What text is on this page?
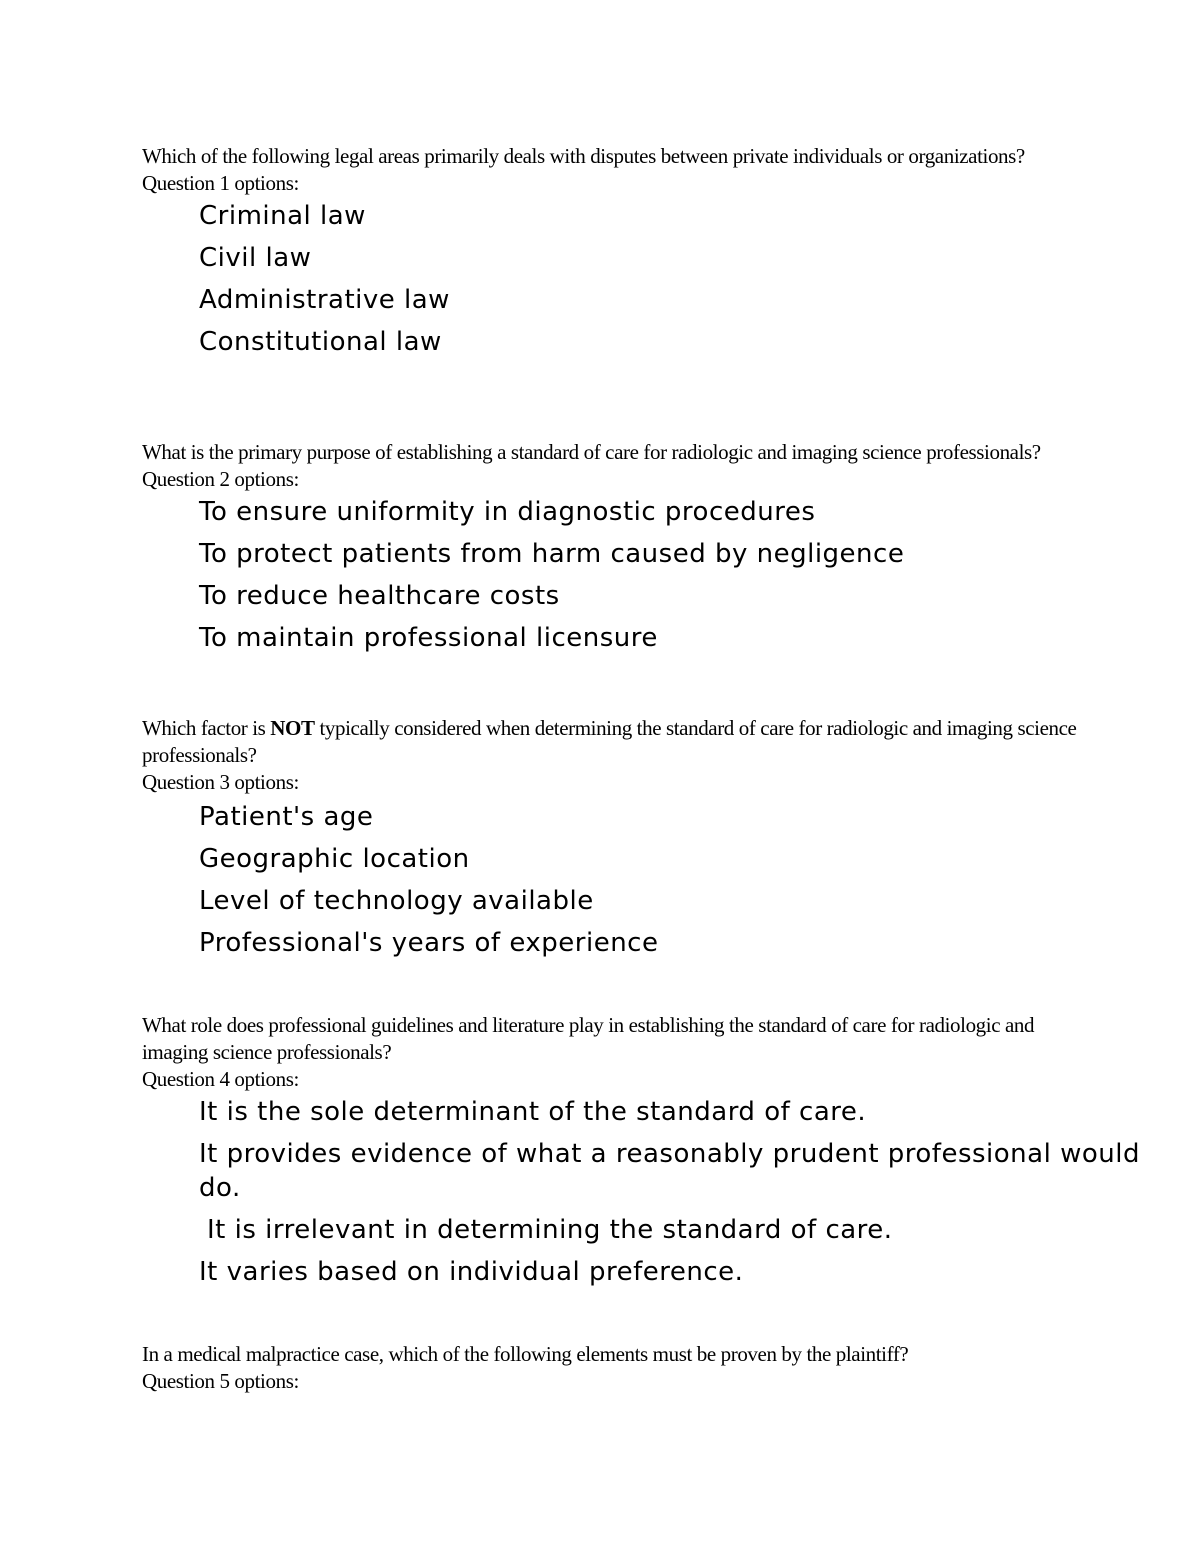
Which of the following legal areas primarily deals with disputes between private individuals or organizations?

Question 1 options:

Criminal law
Civil law
Administrative law
Constitutional law

What is the primary purpose of establishing a standard of care for radiologic and imaging science professionals?

Question 2 options:

To ensure uniformity in diagnostic procedures
To protect patients from harm caused by negligence
To reduce healthcare costs
To maintain professional licensure

Which factor is NOT typically considered when determining the standard of care for radiologic and imaging science professionals?

Question 3 options:

Patient's age
Geographic location
Level of technology available
Professional's years of experience

What role does professional guidelines and literature play in establishing the standard of care for radiologic and imaging science professionals?

Question 4 options:

It is the sole determinant of the standard of care.
It provides evidence of what a reasonably prudent professional would do.
It is irrelevant in determining the standard of care.
It varies based on individual preference.

In a medical malpractice case, which of the following elements must be proven by the plaintiff?

Question 5 options:
